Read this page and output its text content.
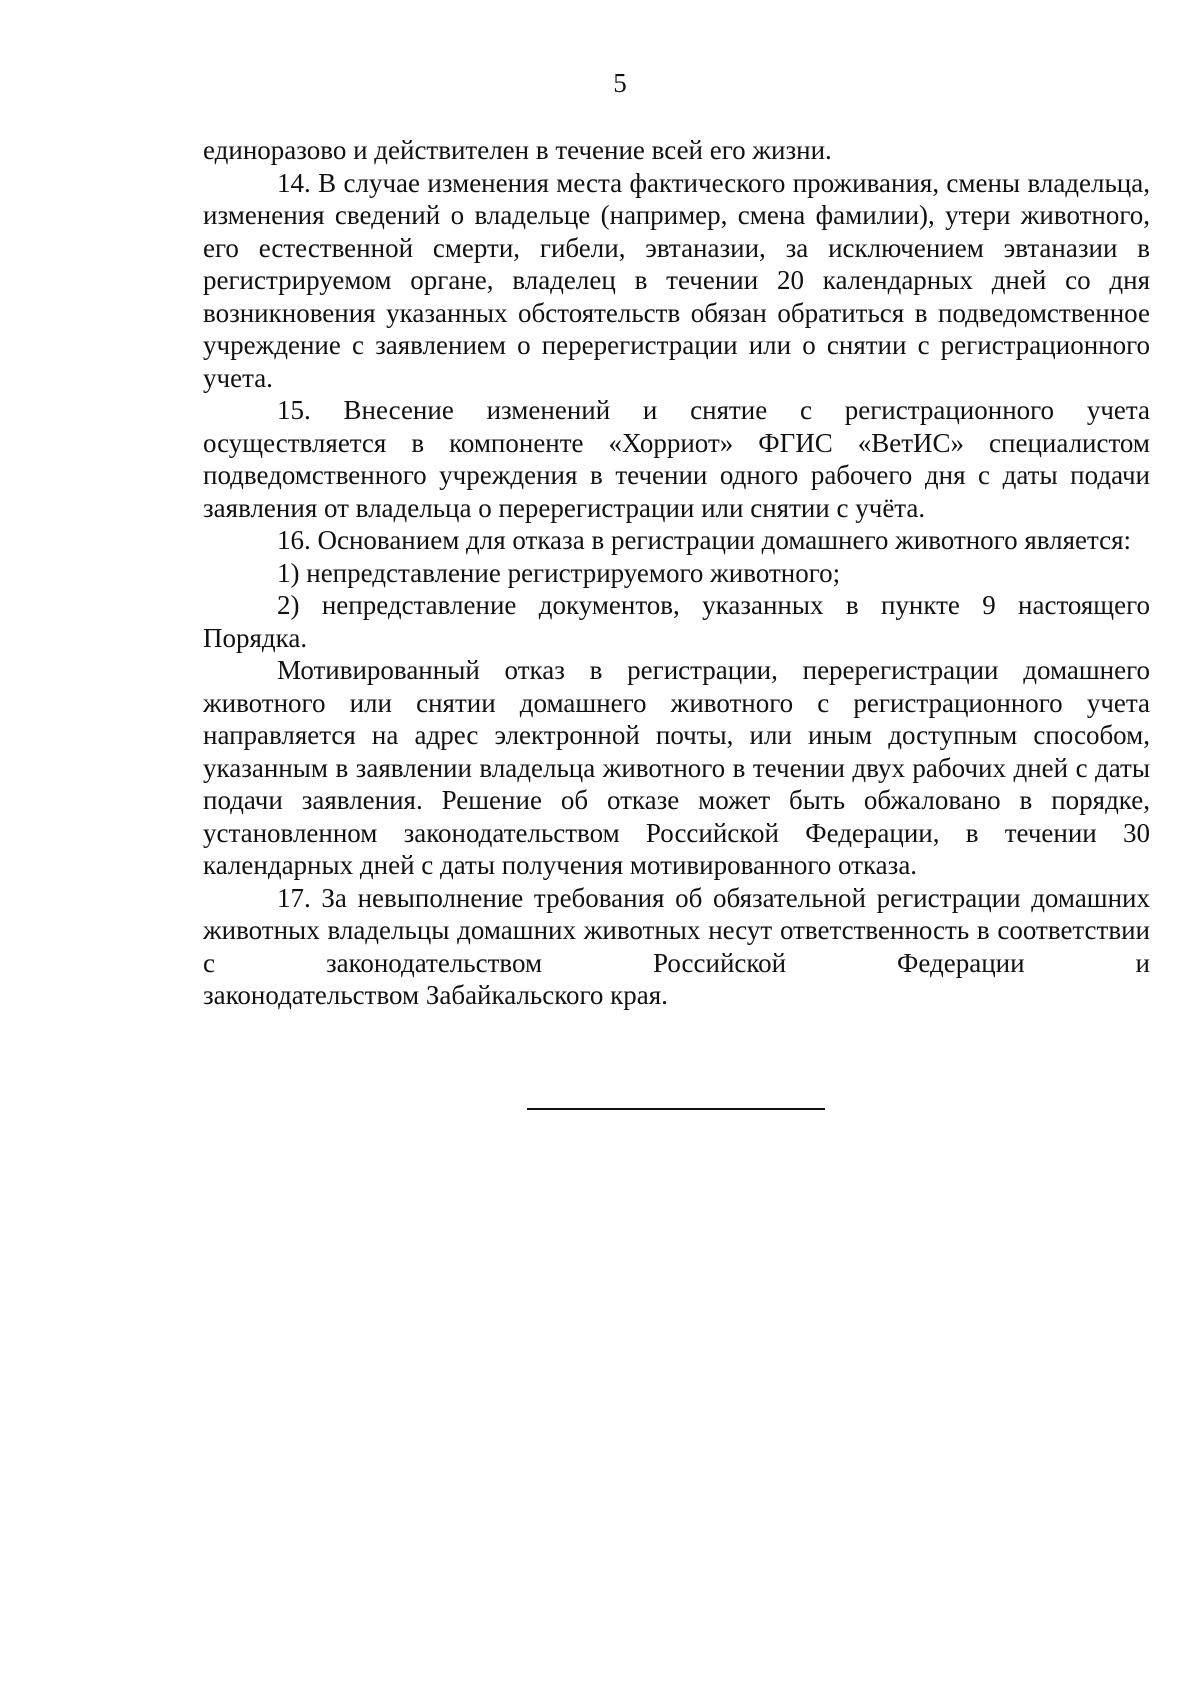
5

единоразово и действителен в течение всей его жизни.

14. В случае изменения места фактического проживания, смены владельца, изменения сведений о владельце (например, смена фамилии), утери животного, его естественной смерти, гибели, эвтаназии, за исключением эвтаназии в регистрируемом органе, владелец в течении 20 календарных дней со дня возникновения указанных обстоятельств обязан обратиться в подведомственное учреждение с заявлением о перерегистрации или о снятии с регистрационного учета.

15. Внесение изменений и снятие с регистрационного учета осуществляется в компоненте «Хорриот» ФГИС «ВетИС» специалистом подведомственного учреждения в течении одного рабочего дня с даты подачи заявления от владельца о перерегистрации или снятии с учёта.

16. Основанием для отказа в регистрации домашнего животного является:

1) непредставление регистрируемого животного;

2) непредставление документов, указанных в пункте 9 настоящего Порядка.

Мотивированный отказ в регистрации, перерегистрации домашнего животного или снятии домашнего животного с регистрационного учета направляется на адрес электронной почты, или иным доступным способом, указанным в заявлении владельца животного в течении двух рабочих дней с даты подачи заявления. Решение об отказе может быть обжаловано в порядке, установленном законодательством Российской Федерации, в течении 30 календарных дней с даты получения мотивированного отказа.

17. За невыполнение требования об обязательной регистрации домашних животных владельцы домашних животных несут ответственность в соответствии с законодательством Российской Федерации и

законодательством Забайкальского края.
